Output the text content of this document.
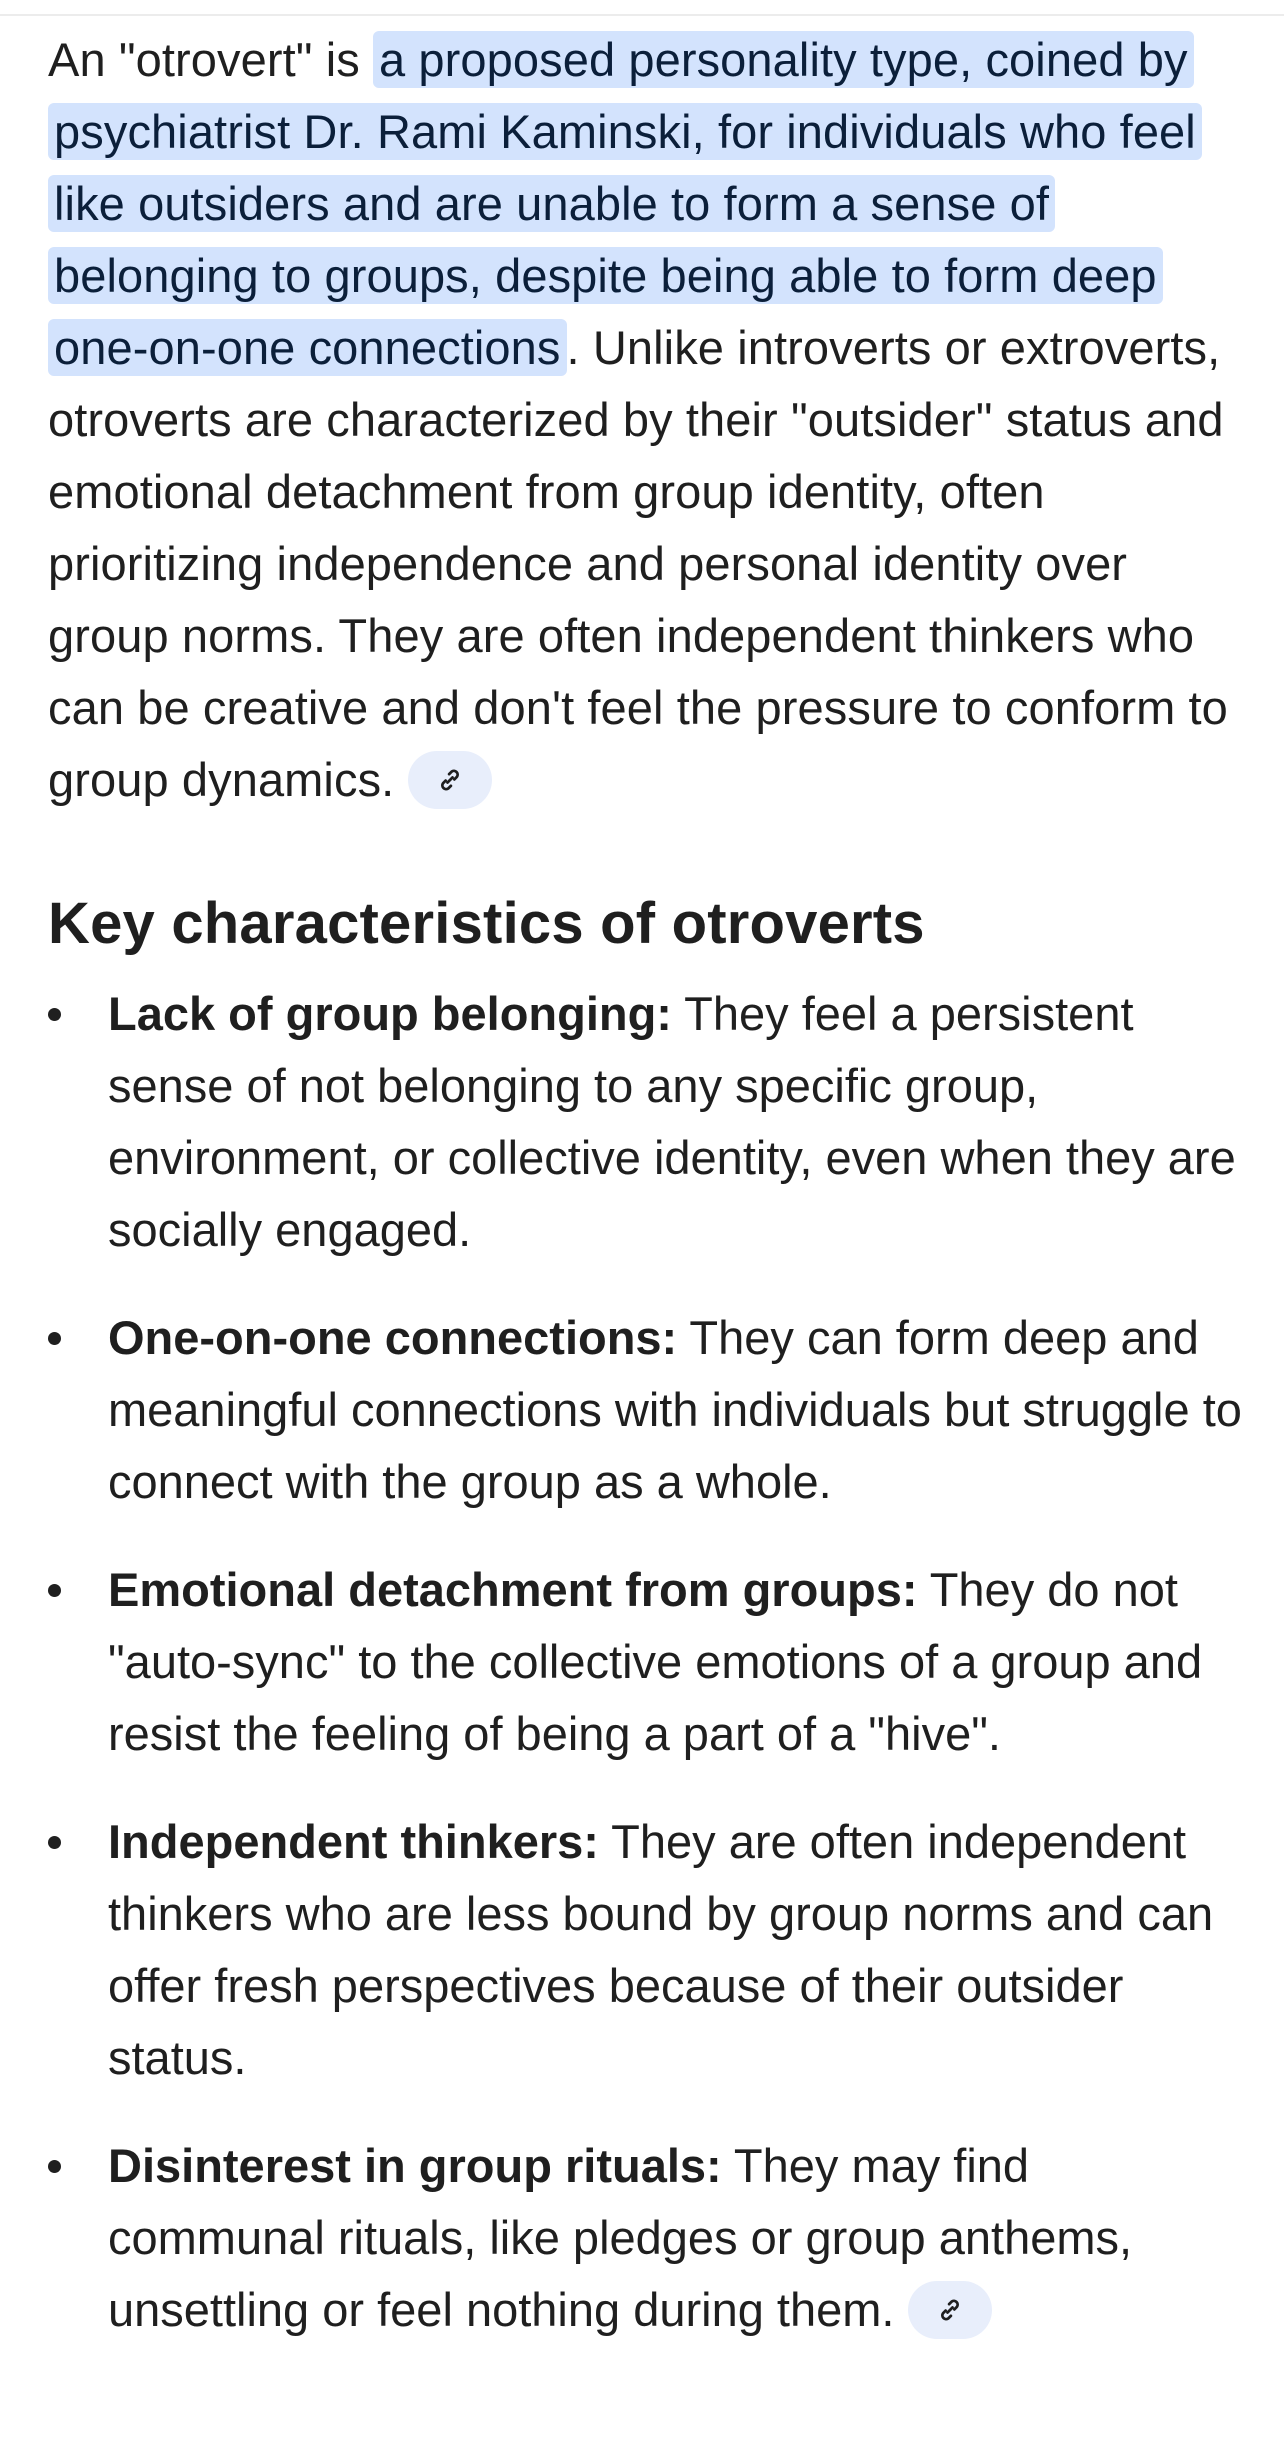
An "otrovert" is a proposed personality type, coined by psychiatrist Dr. Rami Kaminski, for individuals who feel like outsiders and are unable to form a sense of belonging to groups, despite being able to form deep one-on-one connections . Unlike introverts or extroverts, otroverts are characterized by their "outsider" status and emotional detachment from group identity, often prioritizing independence and personal identity over group norms. They are often independent thinkers who can be creative and don't feel the pressure to conform to group dynamics.

Key characteristics of otroverts
Lack of group belonging: They feel a persistent sense of not belonging to any specific group, environment, or collective identity, even when they are socially engaged.
One-on-one connections: They can form deep and meaningful connections with individuals but struggle to connect with the group as a whole.
Emotional detachment from groups: They do not "auto-sync" to the collective emotions of a group and resist the feeling of being a part of a "hive".
Independent thinkers: They are often independent thinkers who are less bound by group norms and can offer fresh perspectives because of their outsider status.
Disinterest in group rituals: They may find communal rituals, like pledges or group anthems, unsettling or feel nothing during them.
